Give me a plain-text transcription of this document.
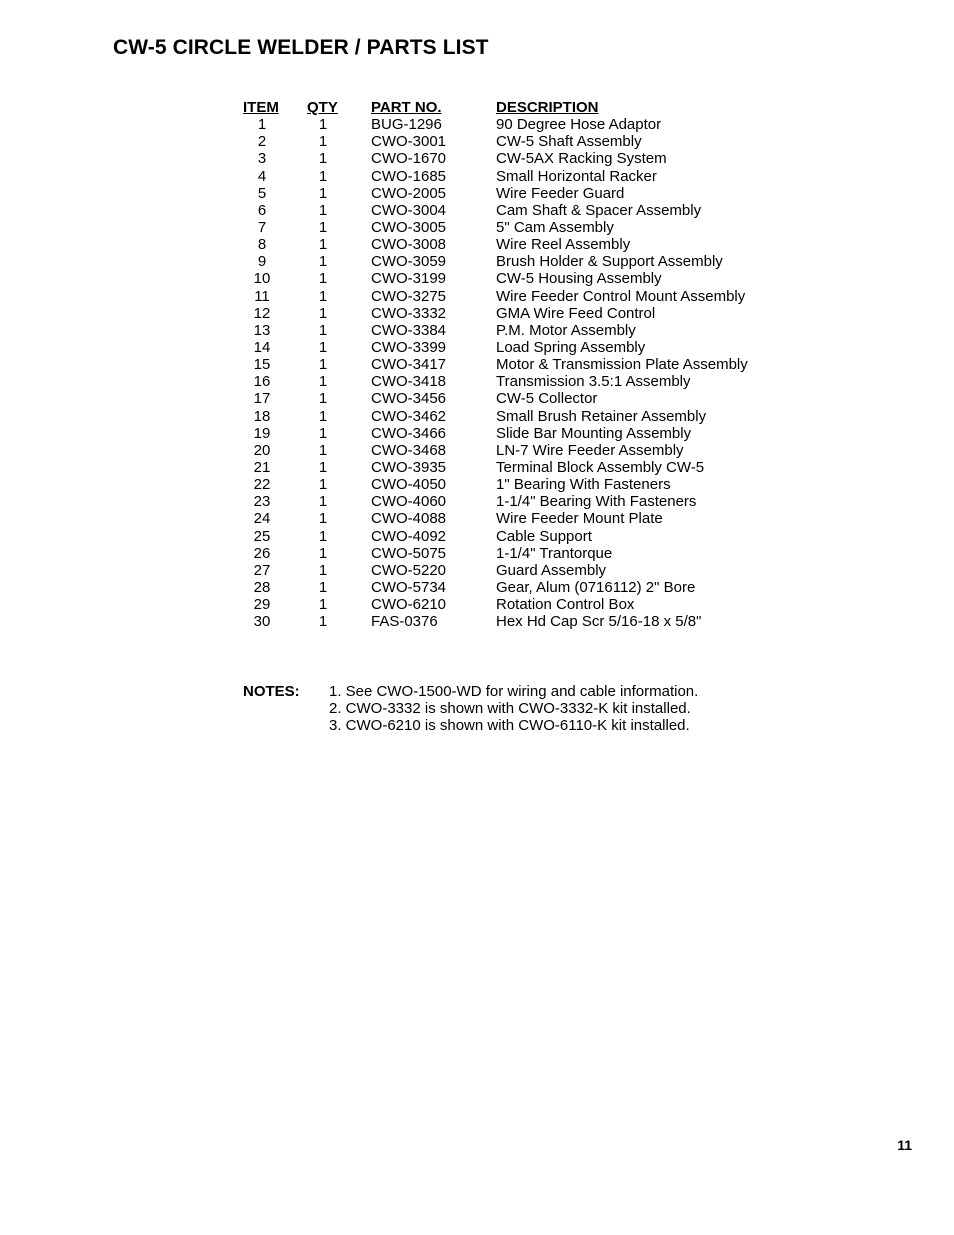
CW-5 CIRCLE WELDER / PARTS LIST
ITEM	QTY	PART NO.	DESCRIPTION
1	1	BUG-1296	90 Degree Hose Adaptor
2	1	CWO-3001	CW-5 Shaft Assembly
3	1	CWO-1670	CW-5AX Racking System
4	1	CWO-1685	Small Horizontal Racker
5	1	CWO-2005	Wire Feeder Guard
6	1	CWO-3004	Cam Shaft & Spacer Assembly
7	1	CWO-3005	5" Cam Assembly
8	1	CWO-3008	Wire Reel Assembly
9	1	CWO-3059	Brush Holder & Support Assembly
10	1	CWO-3199	CW-5 Housing Assembly
11	1	CWO-3275	Wire Feeder Control Mount Assembly
12	1	CWO-3332	GMA Wire Feed Control
13	1	CWO-3384	P.M. Motor Assembly
14	1	CWO-3399	Load Spring Assembly
15	1	CWO-3417	Motor & Transmission Plate Assembly
16	1	CWO-3418	Transmission 3.5:1 Assembly
17	1	CWO-3456	CW-5 Collector
18	1	CWO-3462	Small Brush Retainer Assembly
19	1	CWO-3466	Slide Bar Mounting Assembly
20	1	CWO-3468	LN-7 Wire Feeder Assembly
21	1	CWO-3935	Terminal Block Assembly CW-5
22	1	CWO-4050	1" Bearing With Fasteners
23	1	CWO-4060	1-1/4" Bearing With Fasteners
24	1	CWO-4088	Wire Feeder Mount Plate
25	1	CWO-4092	Cable Support
26	1	CWO-5075	1-1/4" Trantorque
27	1	CWO-5220	Guard Assembly
28	1	CWO-5734	Gear, Alum (0716112) 2" Bore
29	1	CWO-6210	Rotation Control Box
30	1	FAS-0376	Hex Hd Cap Scr 5/16-18 x 5/8"
NOTES: 1. See CWO-1500-WD for wiring and cable information.
2. CWO-3332 is shown with CWO-3332-K kit installed.
3. CWO-6210 is shown with CWO-6110-K kit installed.
11
